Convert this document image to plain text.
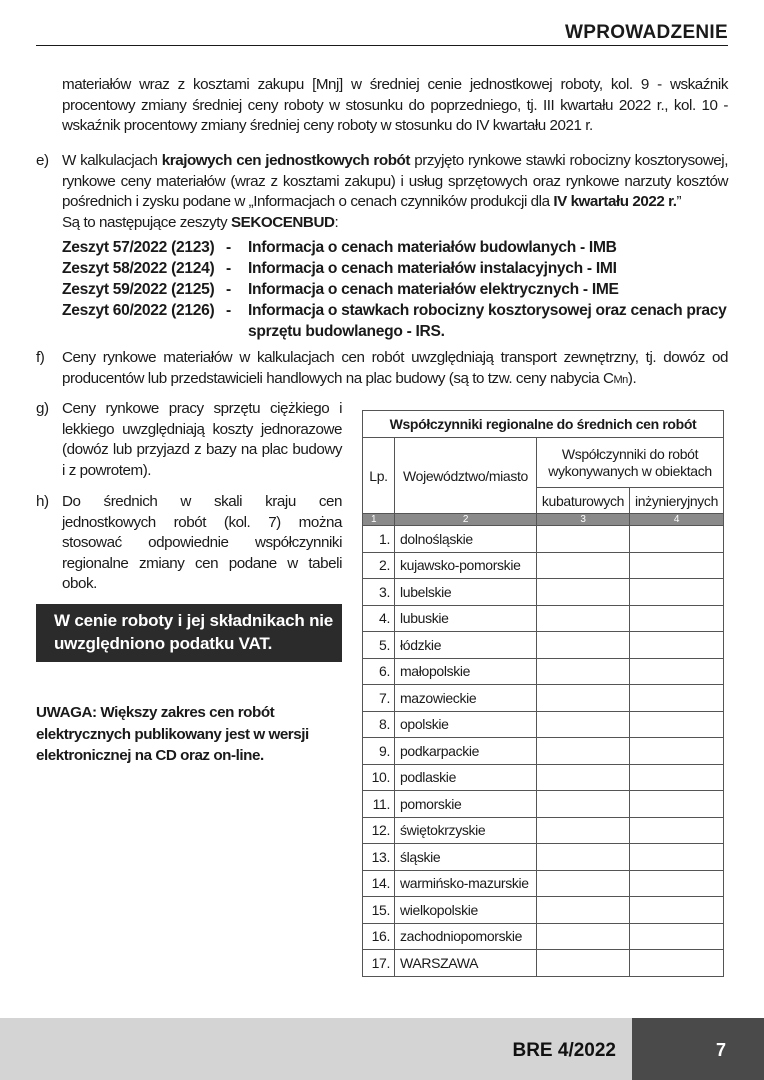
WPROWADZENIE

materiałów wraz z kosztami zakupu [Mnj] w średniej cenie jednostkowej roboty, kol. 9 - wskaźnik procentowy zmiany średniej ceny roboty w stosunku do poprzedniego, tj. III kwartału 2022 r., kol. 10 - wskaźnik procentowy zmiany średniej ceny roboty w stosunku do IV kwartału 2021 r.

e) W kalkulacjach krajowych cen jednostkowych robót przyjęto rynkowe stawki robocizny kosztorysowej, rynkowe ceny materiałów (wraz z kosztami zakupu) i usług sprzętowych oraz rynkowe narzuty kosztów pośrednich i zysku podane w „Informacjach o cenach czynników produkcji dla IV kwartału 2022 r.”
Są to następujące zeszyty SEKOCENBUD:
Zeszyt 57/2022 (2123) - Informacja o cenach materiałów budowlanych - IMB
Zeszyt 58/2022 (2124) - Informacja o cenach materiałów instalacyjnych - IMI
Zeszyt 59/2022 (2125) - Informacja o cenach materiałów elektrycznych - IME
Zeszyt 60/2022 (2126) - Informacja o stawkach robocizny kosztorysowej oraz cenach pracy
sprzętu budowlanego - IRS.
f)	Ceny rynkowe materiałów w kalkulacjach cen robót uwzględniają transport zewnętrzny, tj. dowóz od producentów lub przedstawicieli handlowych na plac budowy (są to tzw. ceny nabycia CMn).
g) Ceny rynkowe pracy sprzętu ciężkiego i lekkiego uwzględniają koszty jednorazowe (dowóz lub przyjazd z bazy na plac budowy i z powrotem).
h) Do średnich w skali kraju cen jednostkowych robót (kol. 7) można stosować odpowiednie współczynniki regionalne zmiany cen podane w tabeli obok.
W cenie roboty i jej składnikach nie
uwzględniono podatku VAT.

UWAGA: Większy zakres cen robót elektrycznych publikowany jest w wersji elektronicznej na CD oraz on-line.

Współczynniki regionalne do średnich cen robót			
Lp.	Województwo/miasto	Współczynniki do robót wykonywanych w obiektach	
		kubaturowych	inżynieryjnych
1	2	3	4
1.	dolnośląskie		
2.	kujawsko-pomorskie		
3.	lubelskie		
4.	lubuskie		
5.	łódzkie		
6.	małopolskie		
7.	mazowieckie		
8.	opolskie		
9.	podkarpackie		
10.	podlaskie		
11.	pomorskie		
12.	świętokrzyskie		
13.	śląskie		
14.	warmińsko-mazurskie		
15.	wielkopolskie		
16.	zachodniopomorskie		
17.	WARSZAWA		
BRE 4/2022	7
